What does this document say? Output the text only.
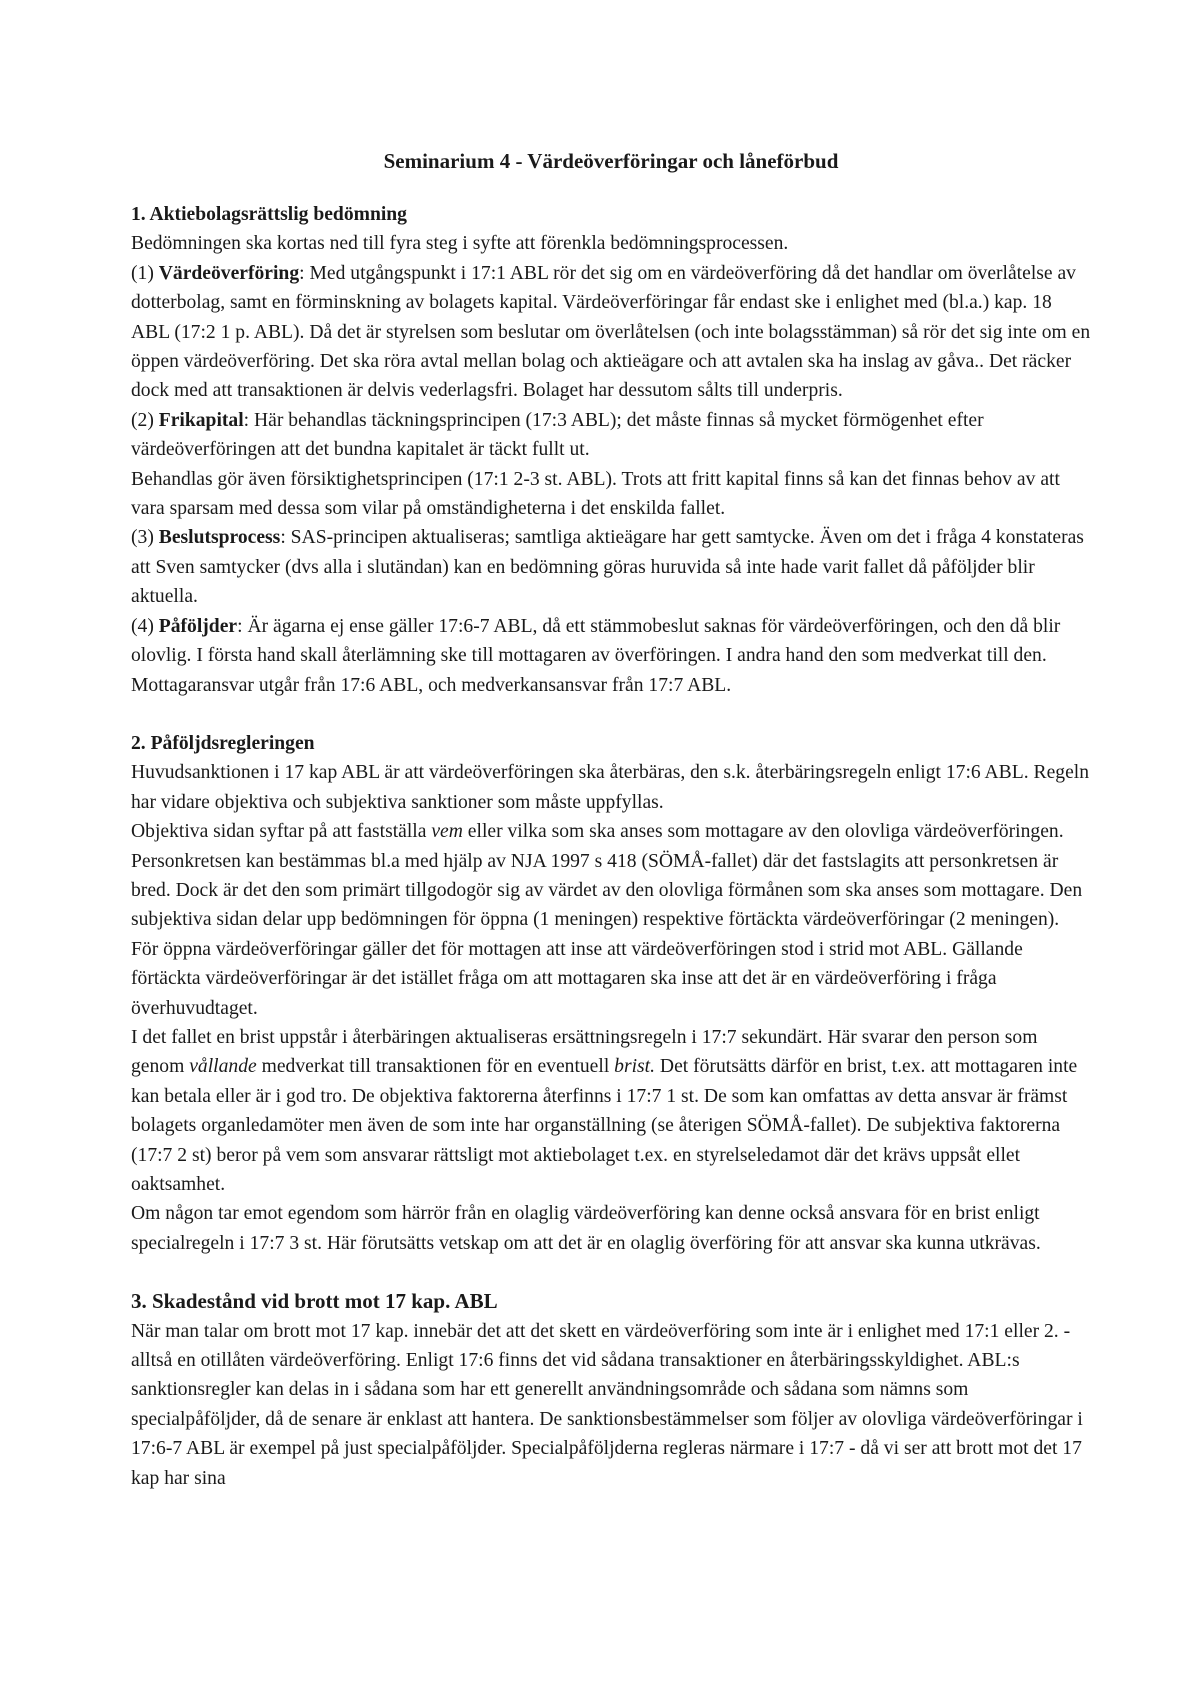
Seminarium 4 - Värdeöverföringar och låneförbud
1. Aktiebolagsrättslig bedömning

Bedömningen ska kortas ned till fyra steg i syfte att förenkla bedömningsprocessen.

(1) Värdeöverföring: Med utgångspunkt i 17:1 ABL rör det sig om en värdeöverföring då det handlar om överlåtelse av dotterbolag, samt en förminskning av bolagets kapital. Värdeöverföringar får endast ske i enlighet med (bl.a.) kap. 18 ABL (17:2 1 p. ABL). Då det är styrelsen som beslutar om överlåtelsen (och inte bolagsstämman) så rör det sig inte om en öppen värdeöverföring. Det ska röra avtal mellan bolag och aktieägare och att avtalen ska ha inslag av gåva.. Det räcker dock med att transaktionen är delvis vederlagsfri. Bolaget har dessutom sålts till underpris.

(2) Frikapital: Här behandlas täckningsprincipen (17:3 ABL); det måste finnas så mycket förmögenhet efter värdeöverföringen att det bundna kapitalet är täckt fullt ut.

Behandlas gör även försiktighetsprincipen (17:1 2-3 st. ABL). Trots att fritt kapital finns så kan det finnas behov av att vara sparsam med dessa som vilar på omständigheterna i det enskilda fallet.

(3) Beslutsprocess: SAS-principen aktualiseras; samtliga aktieägare har gett samtycke. Även om det i fråga 4 konstateras att Sven samtycker (dvs alla i slutändan) kan en bedömning göras huruvida så inte hade varit fallet då påföljder blir aktuella.

(4) Påföljder: Är ägarna ej ense gäller 17:6-7 ABL, då ett stämmobeslut saknas för värdeöverföringen, och den då blir olovlig. I första hand skall återlämning ske till mottagaren av överföringen. I andra hand den som medverkat till den. Mottagaransvar utgår från 17:6 ABL, och medverkansansvar från 17:7 ABL.

2. Påföljdsregleringen

Huvudsanktionen i 17 kap ABL är att värdeöverföringen ska återbäras, den s.k. återbäringsregeln enligt 17:6 ABL. Regeln har vidare objektiva och subjektiva sanktioner som måste uppfyllas.

Objektiva sidan syftar på att fastställa vem eller vilka som ska anses som mottagare av den olovliga värdeöverföringen. Personkretsen kan bestämmas bl.a med hjälp av NJA 1997 s 418 (SÖMÅ-fallet) där det fastslagits att personkretsen är bred. Dock är det den som primärt tillgodogör sig av värdet av den olovliga förmånen som ska anses som mottagare. Den subjektiva sidan delar upp bedömningen för öppna (1 meningen) respektive förtäckta värdeöverföringar (2 meningen). För öppna värdeöverföringar gäller det för mottagen att inse att värdeöverföringen stod i strid mot ABL. Gällande förtäckta värdeöverföringar är det istället fråga om att mottagaren ska inse att det är en värdeöverföring i fråga överhuvudtaget.

I det fallet en brist uppstår i återbäringen aktualiseras ersättningsregeln i 17:7 sekundärt. Här svarar den person som genom vållande medverkat till transaktionen för en eventuell brist. Det förutsätts därför en brist, t.ex. att mottagaren inte kan betala eller är i god tro. De objektiva faktorerna återfinns i 17:7 1 st. De som kan omfattas av detta ansvar är främst bolagets organledamöter men även de som inte har organställning (se återigen SÖMÅ-fallet). De subjektiva faktorerna (17:7 2 st) beror på vem som ansvarar rättsligt mot aktiebolaget t.ex. en styrelseledamot där det krävs uppsåt ellet oaktsamhet.

Om någon tar emot egendom som härrör från en olaglig värdeöverföring kan denne också ansvara för en brist enligt specialregeln i 17:7 3 st. Här förutsätts vetskap om att det är en olaglig överföring för att ansvar ska kunna utkrävas.

3. Skadestånd vid brott mot 17 kap. ABL

När man talar om brott mot 17 kap. innebär det att det skett en värdeöverföring som inte är i enlighet med 17:1 eller 2. - alltså en otillåten värdeöverföring. Enligt 17:6 finns det vid sådana transaktioner en återbäringsskyldighet. ABL:s sanktionsregler kan delas in i sådana som har ett generellt användningsområde och sådana som nämns som specialpåföljder, då de senare är enklast att hantera. De sanktionsbestämmelser som följer av olovliga värdeöverföringar i 17:6-7 ABL är exempel på just specialpåföljder. Specialpåföljderna regleras närmare i 17:7 - då vi ser att brott mot det 17 kap har sina
